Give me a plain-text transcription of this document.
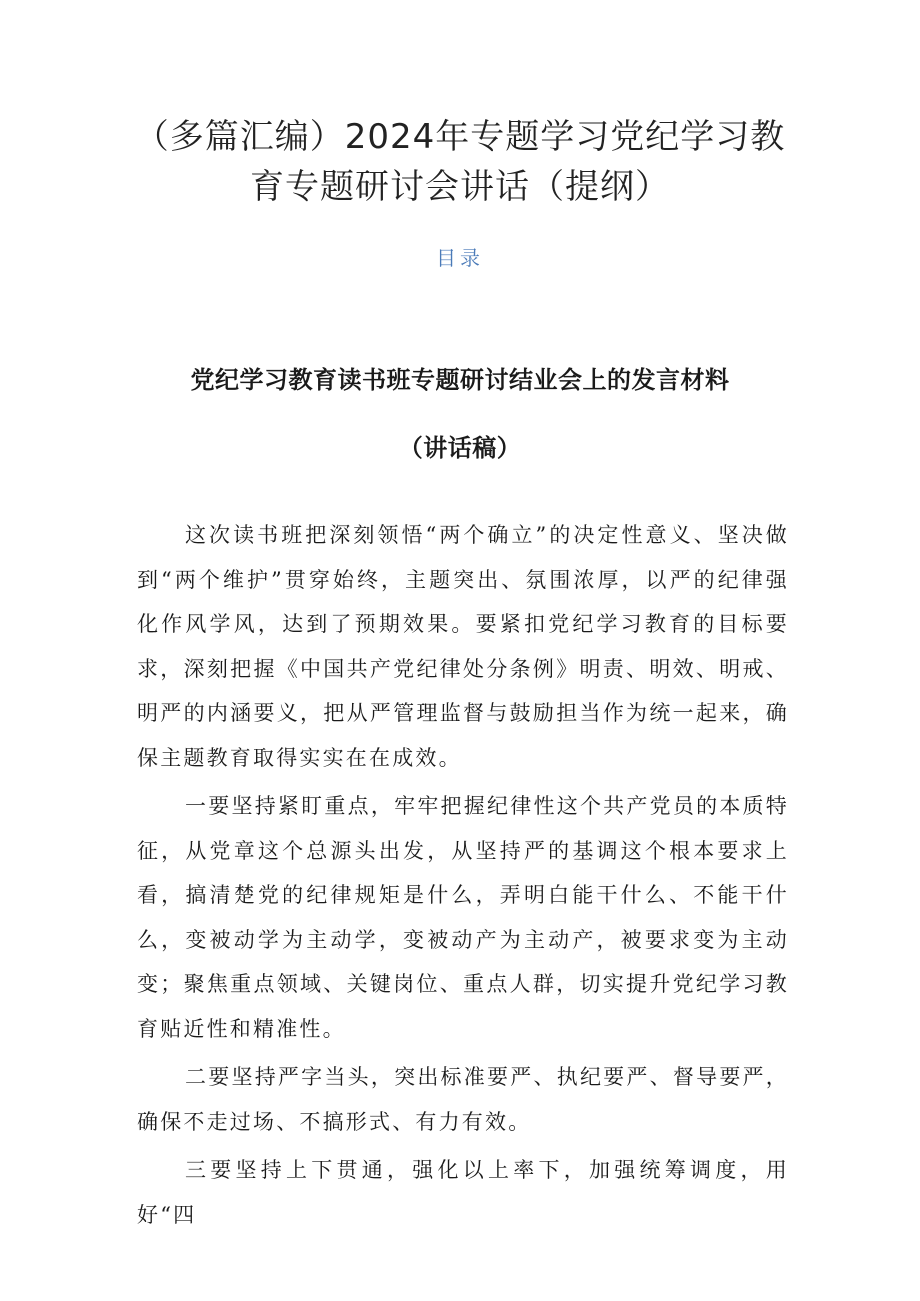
（多篇汇编）2024年专题学习党纪学习教育专题研讨会讲话（提纲）
目录
党纪学习教育读书班专题研讨结业会上的发言材料
（讲话稿）

这次读书班把深刻领悟“两个确立”的决定性意义、坚决做到“两个维护”贯穿始终，主题突出、氛围浓厚，以严的纪律强化作风学风，达到了预期效果。要紧扣党纪学习教育的目标要求，深刻把握《中国共产党纪律处分条例》明责、明效、明戒、明严的内涵要义，把从严管理监督与鼓励担当作为统一起来，确保主题教育取得实实在在成效。

一要坚持紧盯重点，牢牢把握纪律性这个共产党员的本质特征，从党章这个总源头出发，从坚持严的基调这个根本要求上看，搞清楚党的纪律规矩是什么，弄明白能干什么、不能干什么，变被动学为主动学，变被动产为主动产，被要求变为主动变；聚焦重点领域、关键岗位、重点人群，切实提升党纪学习教育贴近性和精准性。

二要坚持严字当头，突出标准要严、执纪要严、督导要严，确保不走过场、不搞形式、有力有效。

三要坚持上下贯通，强化以上率下，加强统筹调度，用好“四
